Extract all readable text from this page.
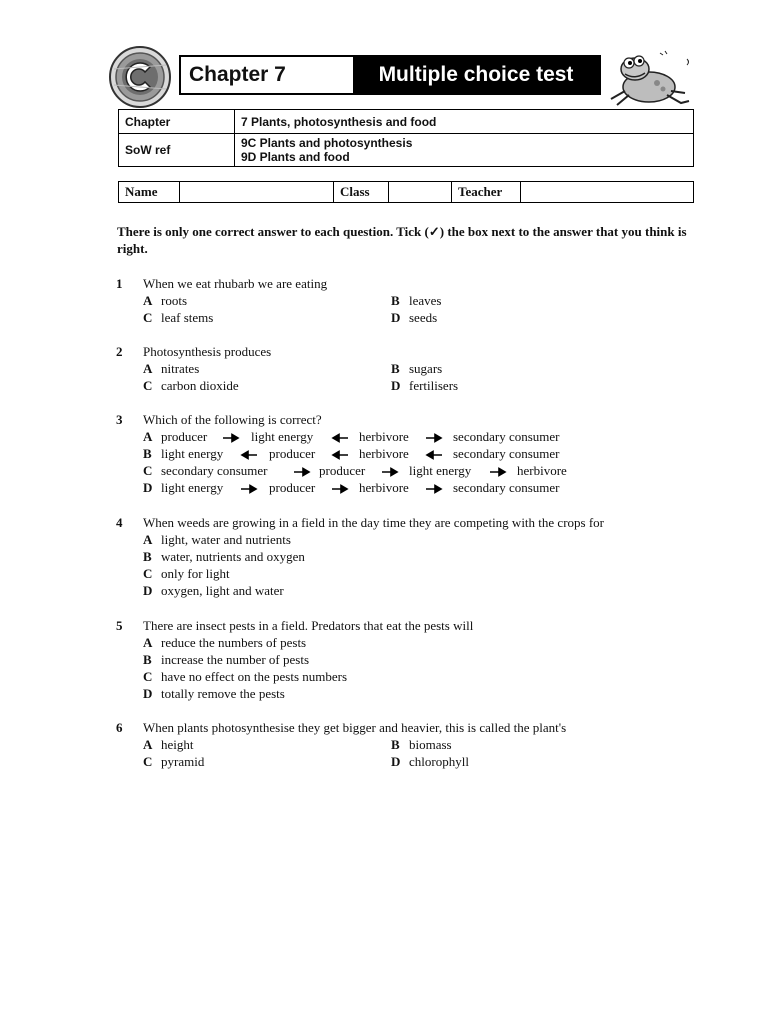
Chapter 7	Multiple choice test
Chapter	7 Plants, photosynthesis and food
SoW ref	9C Plants and photosynthesis
9D Plants and food
Name		Class		Teacher	
There is only one correct answer to each question. Tick (✓) the box next to the answer that you think is right.
1	When we eat rhubarb we are eating
A roots	B leaves
C leaf stems	D seeds
2	Photosynthesis produces
A nitrates	B sugars
C carbon dioxide	D fertilisers
3	Which of the following is correct?
A producer	light energy	herbivore	secondary consumer
B light energy	producer	herbivore	secondary consumer
C secondary consumer	producer	light energy	herbivore
D light energy	producer	herbivore	secondary consumer
4	When weeds are growing in a field in the day time they are competing with the crops for
A light, water and nutrients
B water, nutrients and oxygen
C only for light
D oxygen, light and water
5	There are insect pests in a field. Predators that eat the pests will
A reduce the numbers of pests
B increase the number of pests
C have no effect on the pests numbers
D totally remove the pests
6	When plants photosynthesise they get bigger and heavier, this is called the plant's
A height	B biomass
C pyramid	D chlorophyll
